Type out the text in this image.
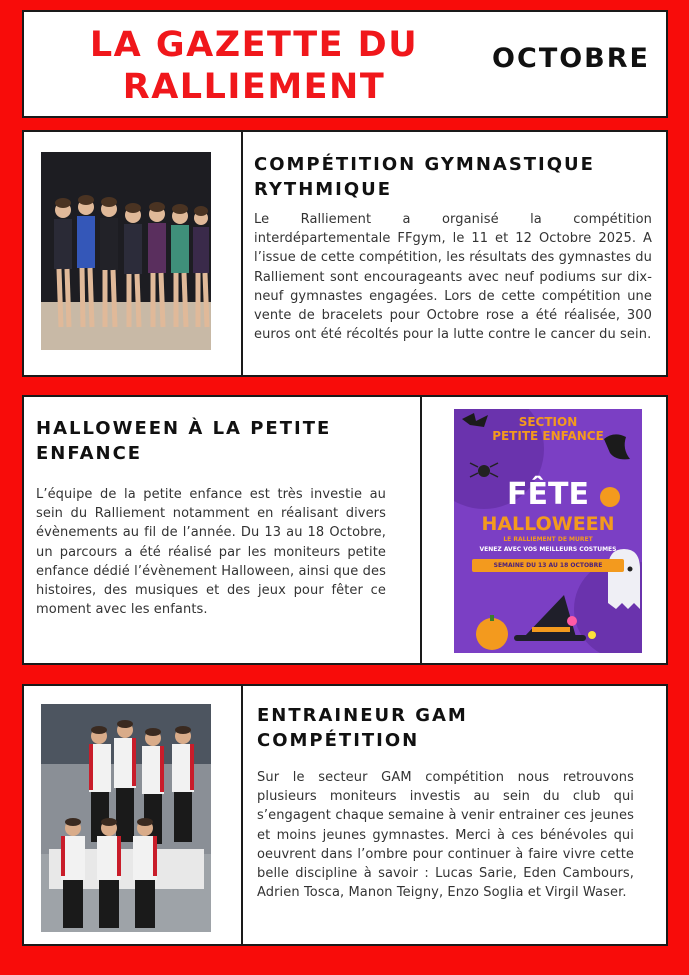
LA GAZETTE DU
RALLIEMENT
OCTOBRE
COMPÉTITION GYMNASTIQUE RYTHMIQUE
Le Ralliement a organisé la compétition interdépartementale FFgym, le 11 et 12 Octobre 2025. A l’issue de cette compétition, les résultats des gymnastes du Ralliement sont encourageants avec neuf podiums sur dix-neuf gymnastes engagées. Lors de cette compétition une vente de bracelets pour Octobre rose a été réalisée, 300 euros ont été récoltés pour la lutte contre le cancer du sein.
HALLOWEEN À LA PETITE ENFANCE
L’équipe de la petite enfance est très investie au sein du Ralliement notamment en réalisant divers évènements au fil de l’année. Du 13 au 18 Octobre, un parcours a été réalisé par les moniteurs petite enfance dédié l’évènement Halloween, ainsi que des histoires, des musiques et des jeux pour fêter ce moment avec les enfants.
SECTION
PETITE ENFANCE
FÊTE
HALLOWEEN
LE RALLIEMENT DE MURET
VENEZ AVEC VOS MEILLEURS COSTUMES
SEMAINE DU 13 AU 18 OCTOBRE
ENTRAINEUR GAM COMPÉTITION
Sur le secteur GAM compétition nous retrouvons plusieurs moniteurs investis au sein du club qui s’engagent chaque semaine à venir entrainer ces jeunes et moins jeunes gymnastes. Merci à ces bénévoles qui oeuvrent dans l’ombre pour continuer à faire vivre cette belle discipline à savoir : Lucas Sarie, Eden Cambours, Adrien Tosca, Manon Teigny, Enzo Soglia et Virgil Waser.
